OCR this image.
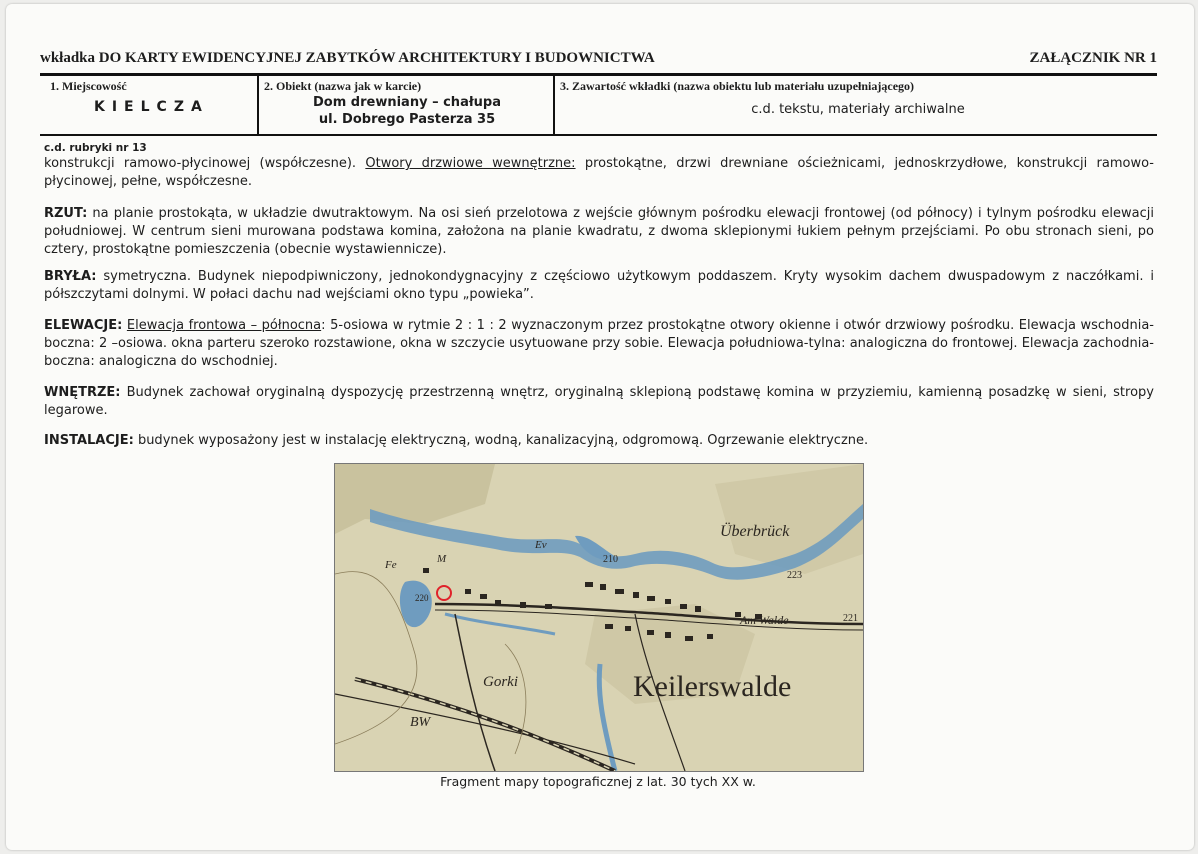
wkładka DO KARTY EWIDENCYJNEJ ZABYTKÓW ARCHITEKTURY I BUDOWNICTWA	ZAŁĄCZNIK NR 1
1. Miejscowość
KIELCZA
2. Obiekt (nazwa jak w karcie)
Dom drewniany – chałupa
ul. Dobrego Pasterza 35
3. Zawartość wkładki (nazwa obiektu lub materiału uzupełniającego)
c.d. tekstu, materiały archiwalne
c.d. rubryki nr 13
konstrukcji ramowo-płycinowej (współczesne). Otwory drzwiowe wewnętrzne: prostokątne, drzwi drewniane ościeżnicami, jednoskrzydłowe, konstrukcji ramowo-płycinowej, pełne, współczesne.
RZUT: na planie prostokąta, w układzie dwutraktowym. Na osi sień przelotowa z wejście głównym pośrodku elewacji frontowej (od północy) i tylnym pośrodku elewacji południowej. W centrum sieni murowana podstawa komina, założona na planie kwadratu, z dwoma sklepionymi łukiem pełnym przejściami. Po obu stronach sieni, po cztery, prostokątne pomieszczenia (obecnie wystawiennicze).
BRYŁA: symetryczna. Budynek niepodpiwniczony, jednokondygnacyjny z częściowo użytkowym poddaszem. Kryty wysokim dachem dwuspadowym z naczółkami. i półszczytami dolnymi. W połaci dachu nad wejściami okno typu „powieka”.
ELEWACJE: Elewacja frontowa – północna: 5-osiowa w rytmie 2 : 1 : 2 wyznaczonym przez prostokątne otwory okienne i otwór drzwiowy pośrodku. Elewacja wschodnia-boczna: 2 –osiowa. okna parteru szeroko rozstawione, okna w szczycie usytuowane przy sobie. Elewacja południowa-tylna: analogiczna do frontowej. Elewacja zachodnia-boczna: analogiczna do wschodniej.
WNĘTRZE: Budynek zachował oryginalną dyspozycję przestrzenną wnętrz, oryginalną sklepioną podstawę komina w przyziemiu, kamienną posadzkę w sieni, stropy legarowe.
INSTALACJE: budynek wyposażony jest w instalację elektryczną, wodną, kanalizacyjną, odgromową. Ogrzewanie elektryczne.
Überbrück
Keilerswalde
Am Walde
Gorki
BW
M
Fe
Ev
210
223
220
221
Fragment mapy topograficznej z lat. 30 tych XX w.
